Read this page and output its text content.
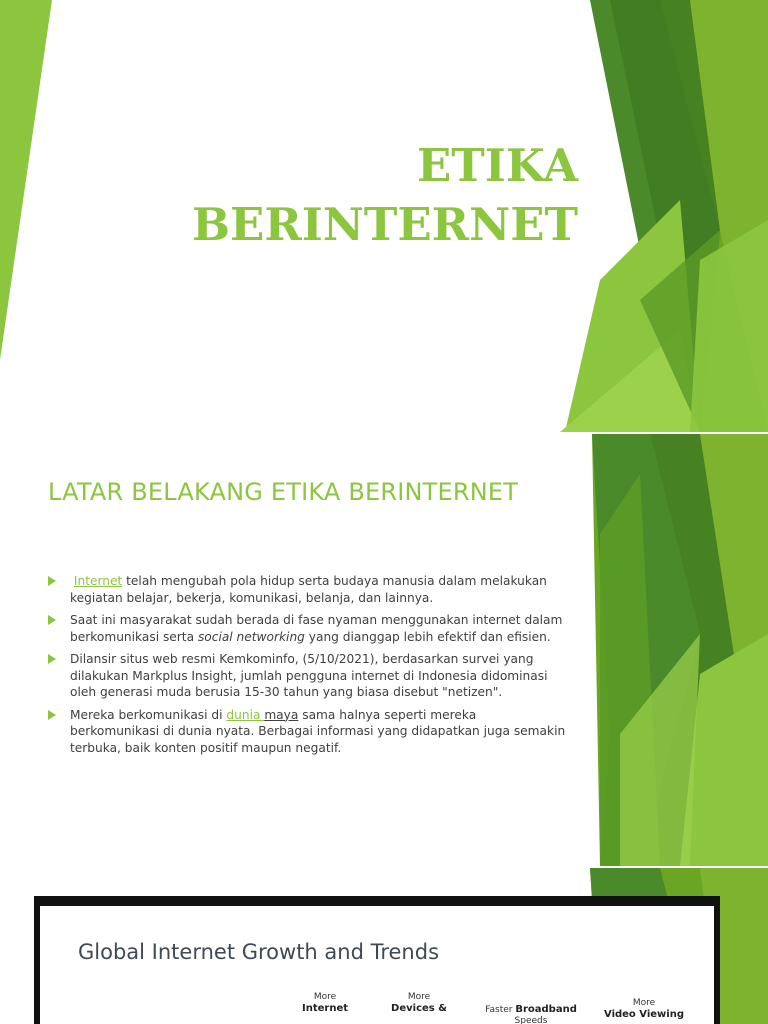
ETIKA
BERINTERNET
LATAR BELAKANG ETIKA BERINTERNET
Internet telah mengubah pola hidup serta budaya manusia dalam melakukan kegiatan belajar, bekerja, komunikasi, belanja, dan lainnya.
Saat ini masyarakat sudah berada di fase nyaman menggunakan internet dalam berkomunikasi serta social networking yang dianggap lebih efektif dan efisien.
Dilansir situs web resmi Kemkominfo, (5/10/2021), berdasarkan survei yang dilakukan Markplus Insight, jumlah pengguna internet di Indonesia didominasi oleh generasi muda berusia 15-30 tahun yang biasa disebut "netizen".
Mereka berkomunikasi di dunia maya sama halnya seperti mereka berkomunikasi di dunia nyata. Berbagai informasi yang didapatkan juga semakin terbuka, baik konten positif maupun negatif.
Global Internet Growth and Trends
More
Internet
More
Devices &	Faster Broadband
Speeds
More
Video Viewing
